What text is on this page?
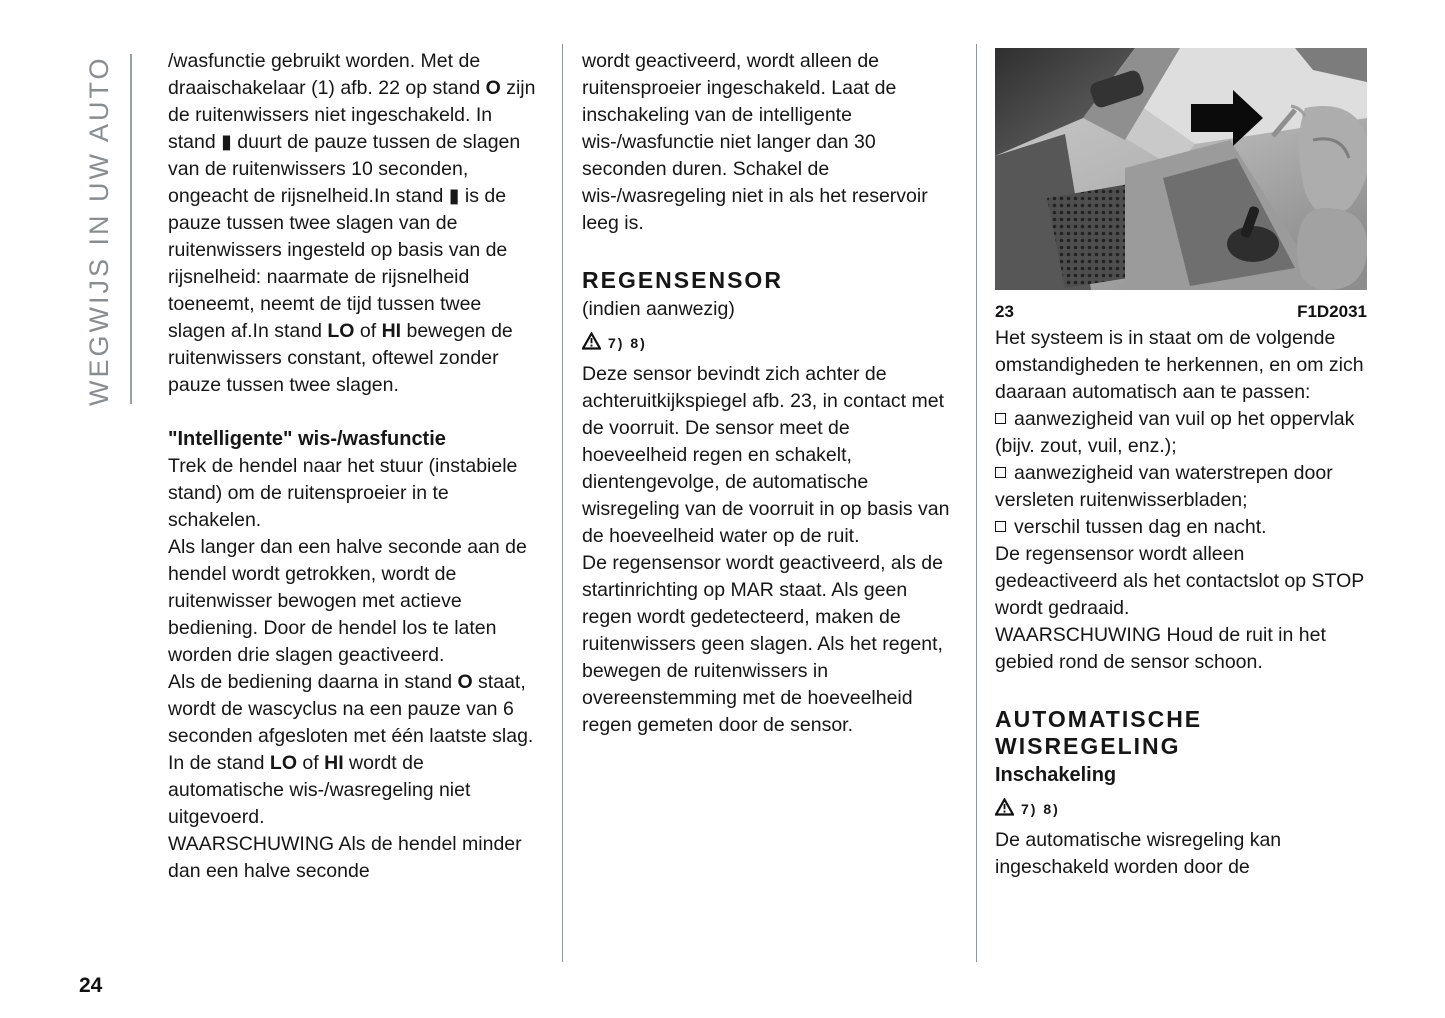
WEGWIJS IN UW AUTO
24

/wasfunctie gebruikt worden. Met de draaischakelaar (1) afb. 22 op stand O zijn de ruitenwissers niet ingeschakeld. In stand ▮ duurt de pauze tussen de slagen van de ruitenwissers 10 seconden, ongeacht de rijsnelheid.In stand ▮ is de pauze tussen twee slagen van de ruitenwissers ingesteld op basis van de rijsnelheid: naarmate de rijsnelheid toeneemt, neemt de tijd tussen twee slagen af.In stand LO of HI bewegen de ruitenwissers constant, oftewel zonder pauze tussen twee slagen.

"Intelligente" wis-/wasfunctie

Trek de hendel naar het stuur (instabiele stand) om de ruitensproeier in te schakelen.

Als langer dan een halve seconde aan de hendel wordt getrokken, wordt de ruitenwisser bewogen met actieve bediening. Door de hendel los te laten worden drie slagen geactiveerd.

Als de bediening daarna in stand O staat, wordt de wascyclus na een pauze van 6 seconden afgesloten met één laatste slag.

In de stand LO of HI wordt de automatische wis-/wasregeling niet uitgevoerd.

WAARSCHUWING Als de hendel minder dan een halve seconde

wordt geactiveerd, wordt alleen de ruitensproeier ingeschakeld. Laat de inschakeling van de intelligente wis-/wasfunctie niet langer dan 30 seconden duren. Schakel de wis-/wasregeling niet in als het reservoir leeg is.

REGENSENSOR

(indien aanwezig)

7) 8)

Deze sensor bevindt zich achter de achteruitkijkspiegel afb. 23, in contact met de voorruit. De sensor meet de hoeveelheid regen en schakelt, dientengevolge, de automatische wisregeling van de voorruit in op basis van de hoeveelheid water op de ruit.

De regensensor wordt geactiveerd, als de startinrichting op MAR staat. Als geen regen wordt gedetecteerd, maken de ruitenwissers geen slagen. Als het regent, bewegen de ruitenwissers in overeenstemming met de hoeveelheid regen gemeten door de sensor.

23	F1D2031

Het systeem is in staat om de volgende omstandigheden te herkennen, en om zich daaraan automatisch aan te passen:

aanwezigheid van vuil op het oppervlak (bijv. zout, vuil, enz.);

aanwezigheid van waterstrepen door versleten ruitenwisserbladen;

verschil tussen dag en nacht.

De regensensor wordt alleen gedeactiveerd als het contactslot op STOP wordt gedraaid.

WAARSCHUWING Houd de ruit in het gebied rond de sensor schoon.

AUTOMATISCHE WISREGELING

Inschakeling

7) 8)

De automatische wisregeling kan ingeschakeld worden door de
